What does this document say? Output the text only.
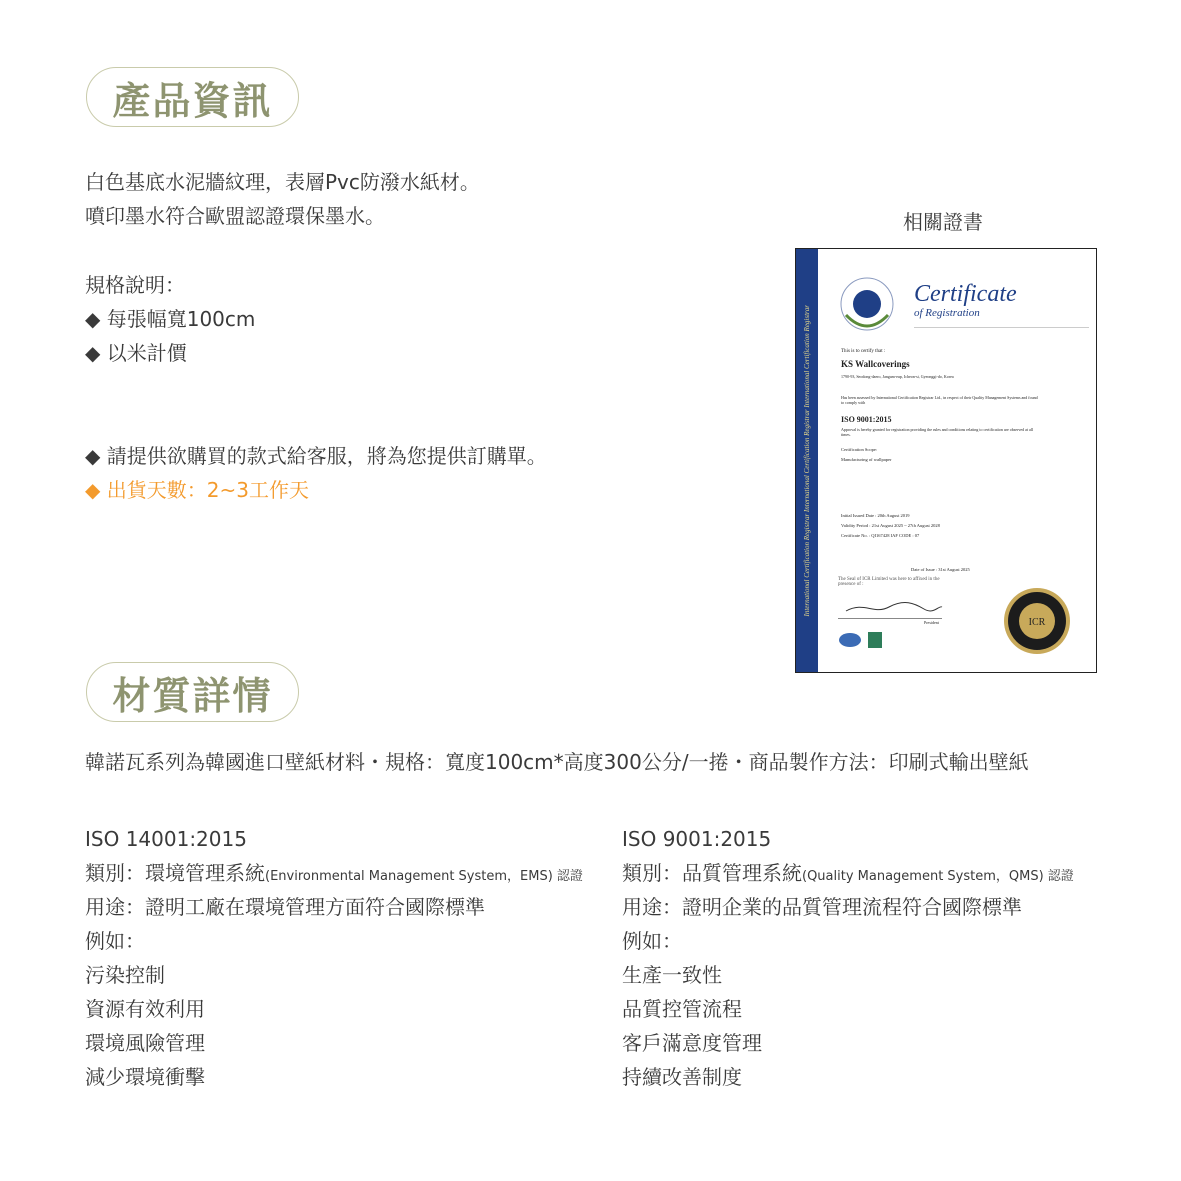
產品資訊
白色基底水泥牆紋理，表層Pvc防潑水紙材。
噴印墨水符合歐盟認證環保墨水。
規格說明：
◆ 每張幅寬100cm
◆ 以米計價
◆ 請提供欲購買的款式給客服，將為您提供訂購單。
◆ 出貨天數：2~3工作天
相關證書
International Certification Registrar International Certification Registrar International Certification Registrar
Certificate
of Registration
This is to certify that :
KS Wallcoverings
1790-93, Seodong-daero, Jangam-eup, Icheon-si, Gyeonggi-do, Korea
Has been assessed by International Certification Registrar Ltd., in respect of their Quality Management Systems and found to comply with
ISO 9001:2015
Approval is hereby granted for registration providing the rules and conditions relating to certification are observed at all times.
Certification Scope:
Manufacturing of wallpaper
Initial Issued Date : 20th August 2019
Validity Period : 21st August 2025 ~ 27th August 2028
Certificate No. : QI167428 IAF CODE : 07
Date of Issue : 31st August 2025
The Seal of ICR Limited was here to affixed in the presence of :
President	ICR
材質詳情
韓諾瓦系列為韓國進口壁紙材料・規格：寬度100cm*高度300公分/一捲・商品製作方法：印刷式輸出壁紙
ISO 14001:2015
類別：環境管理系統(Environmental Management System，EMS) 認證
用途：證明工廠在環境管理方面符合國際標準
例如：
污染控制
資源有效利用
環境風險管理
減少環境衝擊
ISO 9001:2015
類別：品質管理系統(Quality Management System，QMS) 認證
用途：證明企業的品質管理流程符合國際標準
例如：
生產一致性
品質控管流程
客戶滿意度管理
持續改善制度
